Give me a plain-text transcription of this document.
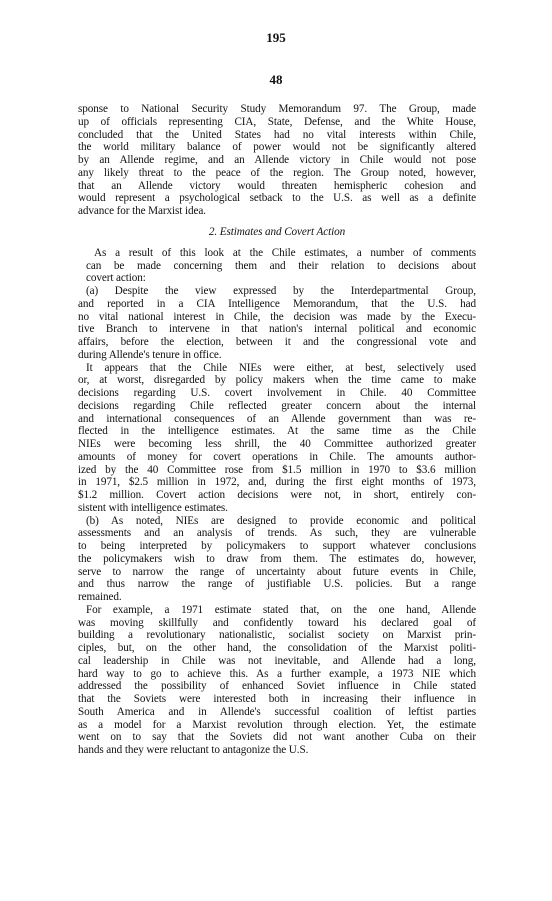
195
48
sponse to National Security Study Memorandum 97. The Group, made
up of officials representing CIA, State, Defense, and the White House,
concluded that the United States had no vital interests within Chile,
the world military balance of power would not be significantly altered
by an Allende regime, and an Allende victory in Chile would not pose
any likely threat to the peace of the region. The Group noted, however,
that an Allende victory would threaten hemispheric cohesion and
would represent a psychological setback to the U.S. as well as a definite
advance for the Marxist idea.
2. Estimates and Covert Action
As a result of this look at the Chile estimates, a number of comments
can be made concerning them and their relation to decisions about
covert action:
(a) Despite the view expressed by the Interdepartmental Group,
and reported in a CIA Intelligence Memorandum, that the U.S. had
no vital national interest in Chile, the decision was made by the Execu-
tive Branch to intervene in that nation's internal political and economic
affairs, before the election, between it and the congressional vote and
during Allende's tenure in office.
It appears that the Chile NIEs were either, at best, selectively used
or, at worst, disregarded by policy makers when the time came to make
decisions regarding U.S. covert involvement in Chile. 40 Committee
decisions regarding Chile reflected greater concern about the internal
and international consequences of an Allende government than was re-
flected in the intelligence estimates. At the same time as the Chile
NIEs were becoming less shrill, the 40 Committee authorized greater
amounts of money for covert operations in Chile. The amounts author-
ized by the 40 Committee rose from $1.5 million in 1970 to $3.6 million
in 1971, $2.5 million in 1972, and, during the first eight months of 1973,
$1.2 million. Covert action decisions were not, in short, entirely con-
sistent with intelligence estimates.
(b) As noted, NIEs are designed to provide economic and political
assessments and an analysis of trends. As such, they are vulnerable
to being interpreted by policymakers to support whatever conclusions
the policymakers wish to draw from them. The estimates do, however,
serve to narrow the range of uncertainty about future events in Chile,
and thus narrow the range of justifiable U.S. policies. But a range
remained.
For example, a 1971 estimate stated that, on the one hand, Allende
was moving skillfully and confidently toward his declared goal of
building a revolutionary nationalistic, socialist society on Marxist prin-
ciples, but, on the other hand, the consolidation of the Marxist politi-
cal leadership in Chile was not inevitable, and Allende had a long,
hard way to go to achieve this. As a further example, a 1973 NIE which
addressed the possibility of enhanced Soviet influence in Chile stated
that the Soviets were interested both in increasing their influence in
South America and in Allende's successful coalition of leftist parties
as a model for a Marxist revolution through election. Yet, the estimate
went on to say that the Soviets did not want another Cuba on their
hands and they were reluctant to antagonize the U.S.
